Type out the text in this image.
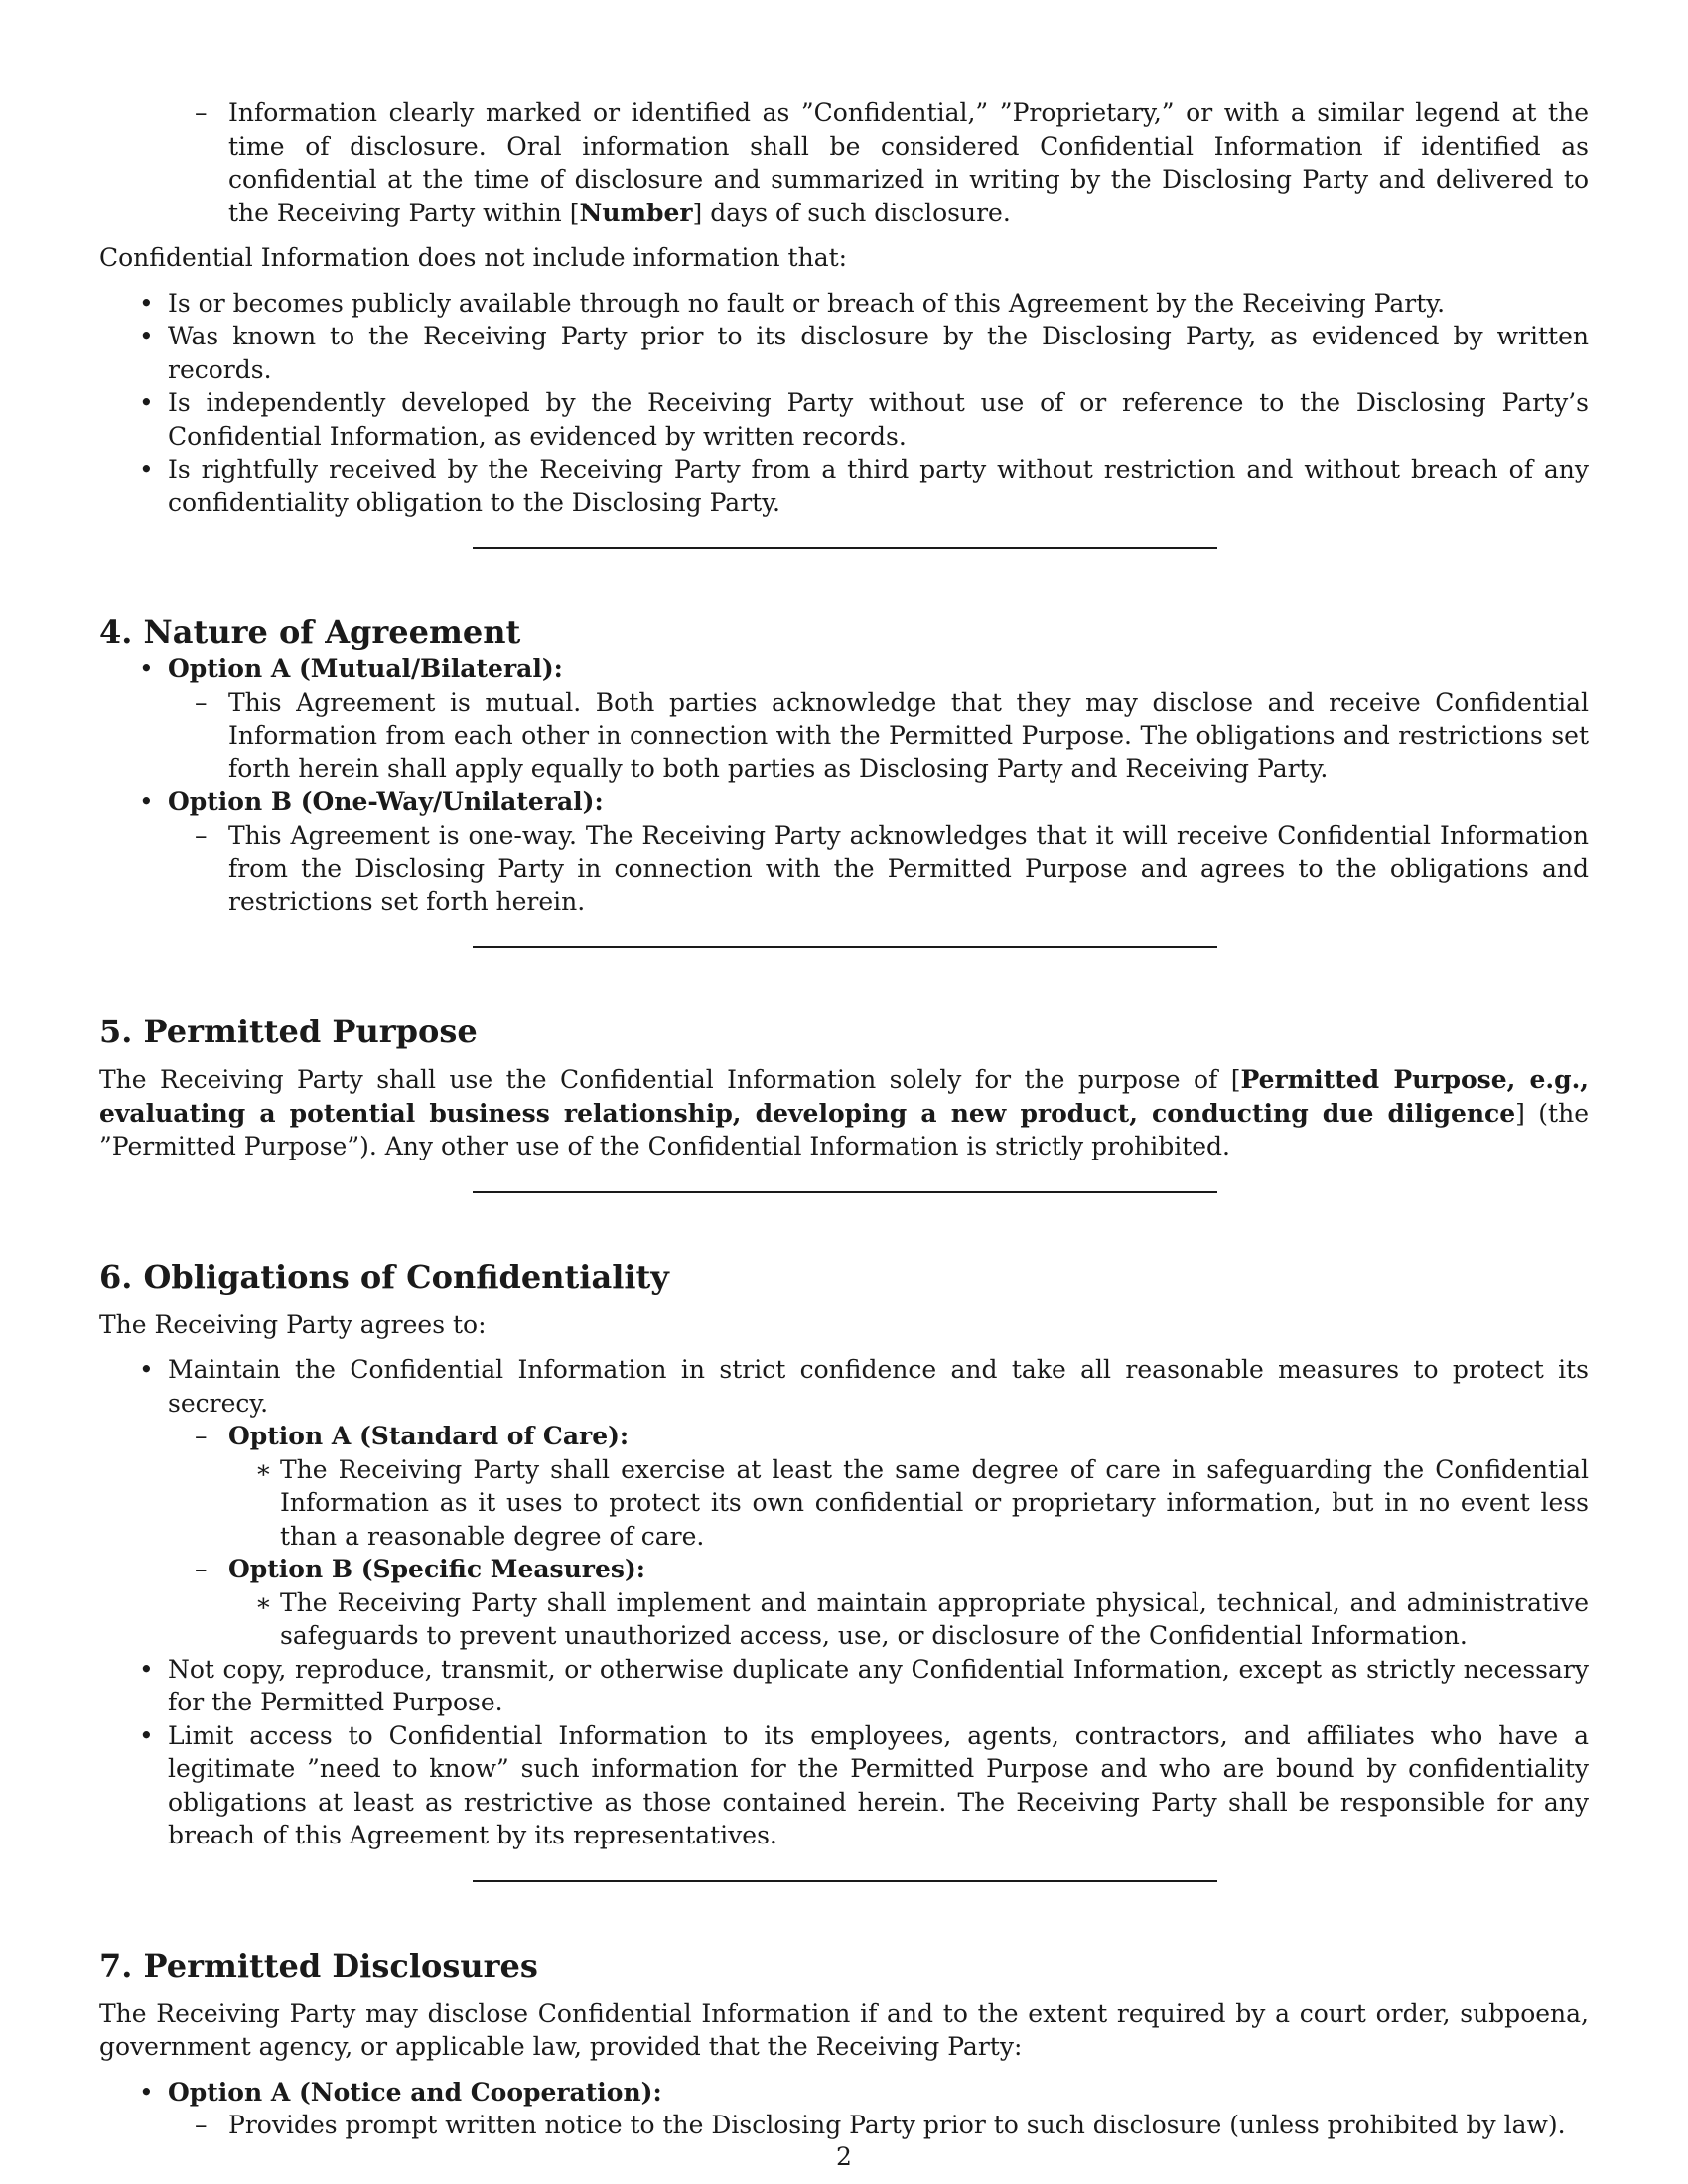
– Information clearly marked or identified as ”Confidential,” ”Proprietary,” or with a similar legend at the time of disclosure. Oral information shall be considered Confidential Information if identified as confidential at the time of disclosure and summarized in writing by the Disclosing Party and delivered to the Receiving Party within [Number] days of such disclosure.

Confidential Information does not include information that:

• Is or becomes publicly available through no fault or breach of this Agreement by the Receiving Party.
• Was known to the Receiving Party prior to its disclosure by the Disclosing Party, as evidenced by written records.
• Is independently developed by the Receiving Party without use of or reference to the Disclosing Party’s Confidential Information, as evidenced by written records.
• Is rightfully received by the Receiving Party from a third party without restriction and without breach of any confidentiality obligation to the Disclosing Party.
4. Nature of Agreement
• Option A (Mutual/Bilateral):
– This Agreement is mutual. Both parties acknowledge that they may disclose and receive Confidential Information from each other in connection with the Permitted Purpose. The obligations and restrictions set forth herein shall apply equally to both parties as Disclosing Party and Receiving Party.
• Option B (One-Way/Unilateral):
– This Agreement is one-way. The Receiving Party acknowledges that it will receive Confidential Information from the Disclosing Party in connection with the Permitted Purpose and agrees to the obligations and restrictions set forth herein.
5. Permitted Purpose

The Receiving Party shall use the Confidential Information solely for the purpose of [Permitted Purpose, e.g., evaluating a potential business relationship, developing a new product, conducting due diligence] (the ”Permitted Purpose”). Any other use of the Confidential Information is strictly prohibited.

6. Obligations of Confidentiality

The Receiving Party agrees to:

• Maintain the Confidential Information in strict confidence and take all reasonable measures to protect its secrecy.
– Option A (Standard of Care):
∗ The Receiving Party shall exercise at least the same degree of care in safeguarding the Confidential Information as it uses to protect its own confidential or proprietary information, but in no event less than a reasonable degree of care.
– Option B (Specific Measures):
∗ The Receiving Party shall implement and maintain appropriate physical, technical, and administrative safeguards to prevent unauthorized access, use, or disclosure of the Confidential Information.
• Not copy, reproduce, transmit, or otherwise duplicate any Confidential Information, except as strictly necessary for the Permitted Purpose.
• Limit access to Confidential Information to its employees, agents, contractors, and affiliates who have a legitimate ”need to know” such information for the Permitted Purpose and who are bound by confidentiality obligations at least as restrictive as those contained herein. The Receiving Party shall be responsible for any breach of this Agreement by its representatives.
7. Permitted Disclosures

The Receiving Party may disclose Confidential Information if and to the extent required by a court order, subpoena, government agency, or applicable law, provided that the Receiving Party:

• Option A (Notice and Cooperation):
– Provides prompt written notice to the Disclosing Party prior to such disclosure (unless prohibited by law).
2
